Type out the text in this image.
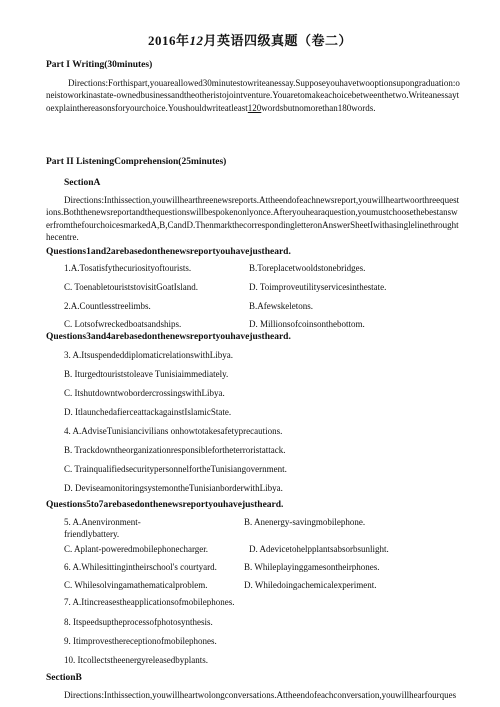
2016年12月英语四级真题（卷二）
Part I Writing(30minutes)
Directions:Forthispart,youareallowed30minutestowriteanessay.Supposeyouhavetwooptionsupongraduation:oneistoworkinastate-ownedbusinessandtheotheristojointventure.Youaretomakeachoicebetweenthetwo.Writeanessaytoexplainthereasonsforyourchoice.Youshouldwriteatleast120wordsbutnomorethan180words.
Part II ListeningComprehension(25minutes)
SectionA
Directions:Inthissection,youwillhearthreenewsreports.Attheendofeachnewsreport,youwillheartwoorthreequestions.Boththenewsreportandthequestionswillbespokenonlyonce.Afteryouhearaquestion,youmustchoosethebestanswerfromthefourchoicesmarkedA,B,CandD.ThenmarkthecorrespondingletteronAnswerSheetIwithasinglelinethroughthecentre.
Questions1and2arebasedonthenewsreportyouhavejustheard.
1.A.Tosatisfythecuriosityoftourists.	B.Toreplacetwooldstonebridges.
C. ToenabletouriststovisitGoatIsland.	D. Toimproveutilityservicesinthestate.
2.A.Countlesstreelimbs.	B.Afewskeletons.
C. Lotsofwreckedboatsandships.	D. Millionsofcoinsonthebottom.
Questions3and4arebasedonthenewsreportyouhavejustheard.
3. A.ItsuspendeddiplomaticrelationswithLibya.
B. Iturgedtouriststoleave Tunisiaimmediately.
C. ItshutdowntwobordercrossingswithLibya.
D. ItlaunchedafierceattackagainstIslamicState.
4. A.AdviseTunisiancivilians onhowtotakesafetyprecautions.
B. Trackdowntheorganizationresponsiblefortheterroristattack.
C. TrainqualifiedsecuritypersonnelfortheTunisiangovernment.
D. DeviseamonitoringsystemontheTunisianborderwithLibya.
Questions5to7arebasedonthenewsreportyouhavejustheard.
5. A.Anenvironment-	B. Anenergy-savingmobilephone.
friendlybattery.
C. Aplant-poweredmobilephonecharger.	D. Adevicetohelpplantsabsorbsunlight.
6. A.Whilesittingintheirschool's courtyard.	B. Whileplayinggamesontheirphones.
C. Whilesolvingamathematicalproblem.	D. Whiledoingachemicalexperiment.
7. A.Itincreasestheapplicationsofmobilephones.
8. Itspeedsuptheprocessofphotosynthesis.
9. Itimprovesthereceptionofmobilephones.
10. Itcollectstheenergyreleasedbyplants.
SectionB
Directions:Inthissection,youwillheartwolongconversations.Attheendofeachconversation,youwillhearfourques
